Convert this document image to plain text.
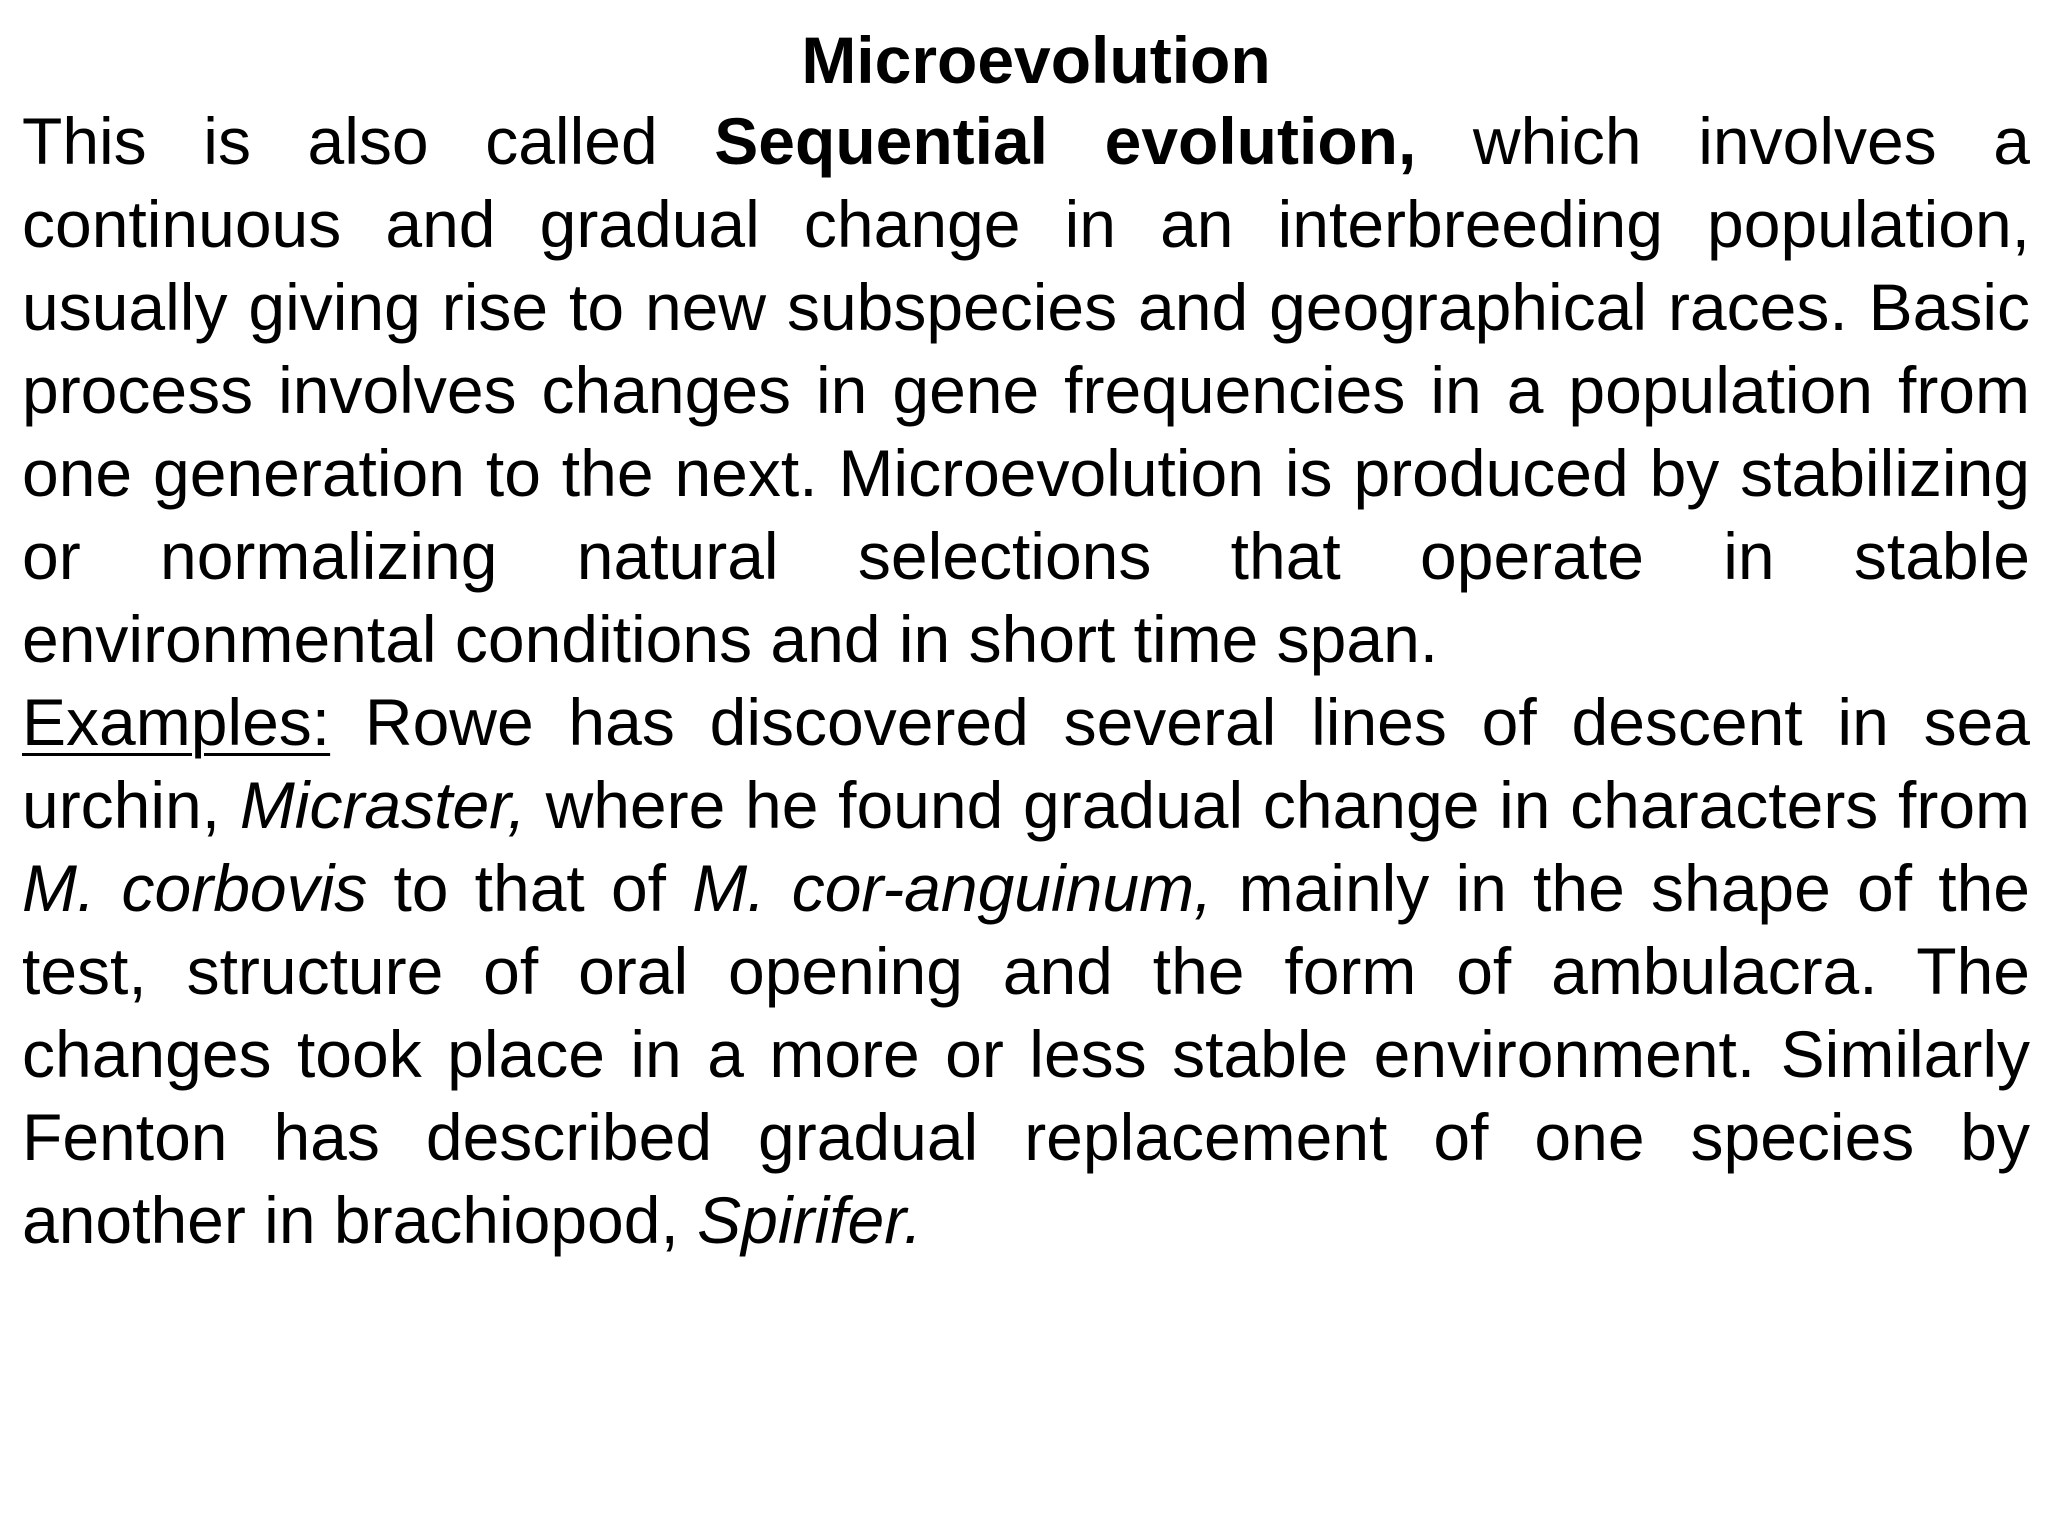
Microevolution

This is also called Sequential evolution, which involves a continuous and gradual change in an interbreeding population, usually giving rise to new subspecies and geographical races. Basic process involves changes in gene frequencies in a population from one generation to the next. Microevolution is produced by stabilizing or normalizing natural selections that operate in stable environmental conditions and in short time span.

Examples: Rowe has discovered several lines of descent in sea urchin, Micraster, where he found gradual change in characters from M. corbovis to that of M. cor-anguinum, mainly in the shape of the test, structure of oral opening and the form of ambulacra. The changes took place in a more or less stable environment. Similarly Fenton has described gradual replacement of one species by another in brachiopod, Spirifer.
